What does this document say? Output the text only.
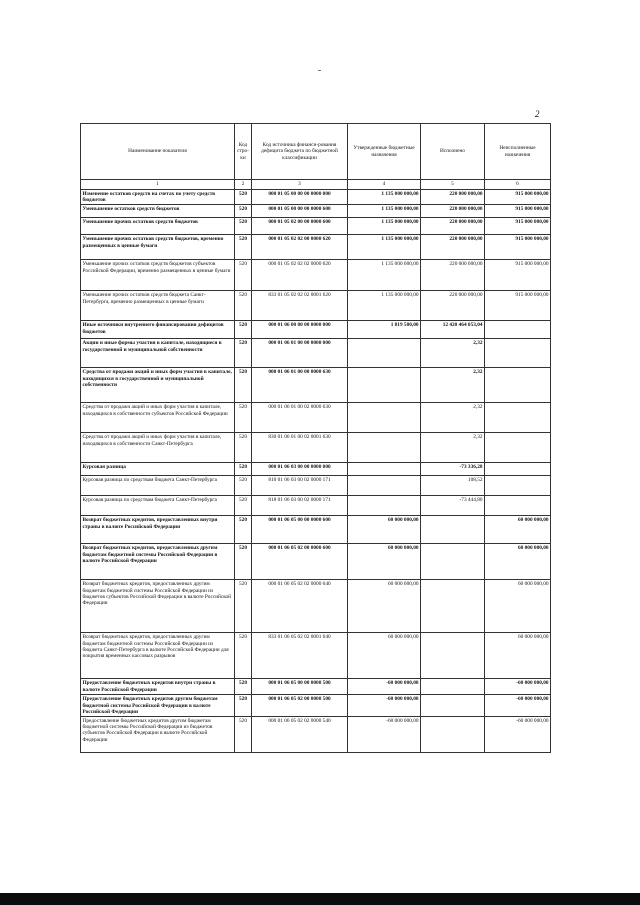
2
Наименование показателя	Код стро-ки	Код источника финанси-рования дефицита бюджета по бюджетной классификации	Утвержденные бюджетные назначения	Исполнено	Неисполненные назначения
1	2	3	4	5	6
Изменение остатков средств на счетах по учету средств бюджетов	520	000 01 05 00 00 00 0000 000	1 135 000 000,00	220 000 000,00	915 000 000,00
Уменьшение остатков средств бюджетов	520	000 01 05 00 00 00 0000 600	1 135 000 000,00	220 000 000,00	915 000 000,00
Уменьшение прочих остатков средств бюджетов	520	000 01 05 02 00 00 0000 600	1 135 000 000,00	220 000 000,00	915 000 000,00
Уменьшение прочих остатков средств бюджетов, временно размещенных в ценные бумаги	520	000 01 05 02 02 00 0000 620	1 135 000 000,00	220 000 000,00	915 000 000,00
Уменьшение прочих остатков средств бюджетов субъектов Российской Федерации, временно размещенных в ценные бумаги	520	000 01 05 02 02 02 0000 620	1 135 000 000,00	220 000 000,00	915 000 000,00
Уменьшение прочих остатков средств бюджета Санкт-Петербурга, временно размещенных в ценные бумаги	520	833 01 05 02 02 02 0001 620	1 135 000 000,00	220 000 000,00	915 000 000,00
Иные источники внутреннего финансирования дефицитов бюджетов	520	000 01 06 00 00 00 0000 000	1 819 500,00	12 420 464 053,04	
Акции и иные формы участия в капитале, находящиеся в государственной и муниципальной собственности	520	000 01 06 01 00 00 0000 000		2,32	
Средства от продажи акций и иных форм участия в капитале, находящихся в государственной и муниципальной собственности	520	000 01 06 01 00 00 0000 630		2,32	
Средства от продажи акций и иных форм участия в капитале, находящихся в собственности субъектов Российской Федерации	520	000 01 06 01 00 02 0000 630		2,32	
Средства от продажи акций и иных форм участия в капитале, находящихся в собственности Санкт-Петербурга	520	830 01 06 01 00 02 0001 630		2,32	
Курсовая разница	520	000 01 06 03 00 00 0000 000		-73 336,28	
Курсовая разница по средствам бюджета Санкт-Петербурга	520	810 01 06 03 00 02 0000 171		108,52	
Курсовая разница по средствам бюджета Санкт-Петербурга	520	818 01 06 03 00 02 0000 171		-73 444,80	
Возврат бюджетных кредитов, предоставленных внутри страны в валюте Российской Федерации	520	000 01 06 05 00 00 0000 600	60 000 000,00		60 000 000,00
Возврат бюджетных кредитов, предоставленных другим бюджетам бюджетной системы Российской Федерации в валюте Российской Федерации	520	000 01 06 05 02 00 0000 600	60 000 000,00		60 000 000,00
Возврат бюджетных кредитов, предоставленных другим бюджетам бюджетной системы Российской Федерации из бюджетов субъектов Российской Федерации в валюте Российской Федерации	520	000 01 06 05 02 02 0000 640	60 000 000,00		60 000 000,00
Возврат бюджетных кредитов, предоставленных другим бюджетам бюджетной системы Российской Федерации из бюджета Санкт-Петербурга в валюте Российской Федерации для покрытия временных кассовых разрывов	520	833 01 06 05 02 02 0001 640	60 000 000,00		60 000 000,00
Предоставление бюджетных кредитов внутри страны в валюте Российской Федерации	520	000 01 06 05 00 00 0000 500	-60 000 000,00		-60 000 000,00
Предоставление бюджетных кредитов другим бюджетам бюджетной системы Российской Федерации в валюте Российской Федерации	520	000 01 06 05 02 00 0000 500	-60 000 000,00		-60 000 000,00
Предоставление бюджетных кредитов другим бюджетам бюджетной системы Российской Федерации из бюджетов субъектов Российской Федерации в валюте Российской Федерации	520	000 01 06 05 02 02 0000 540	-60 000 000,00		-60 000 000,00
